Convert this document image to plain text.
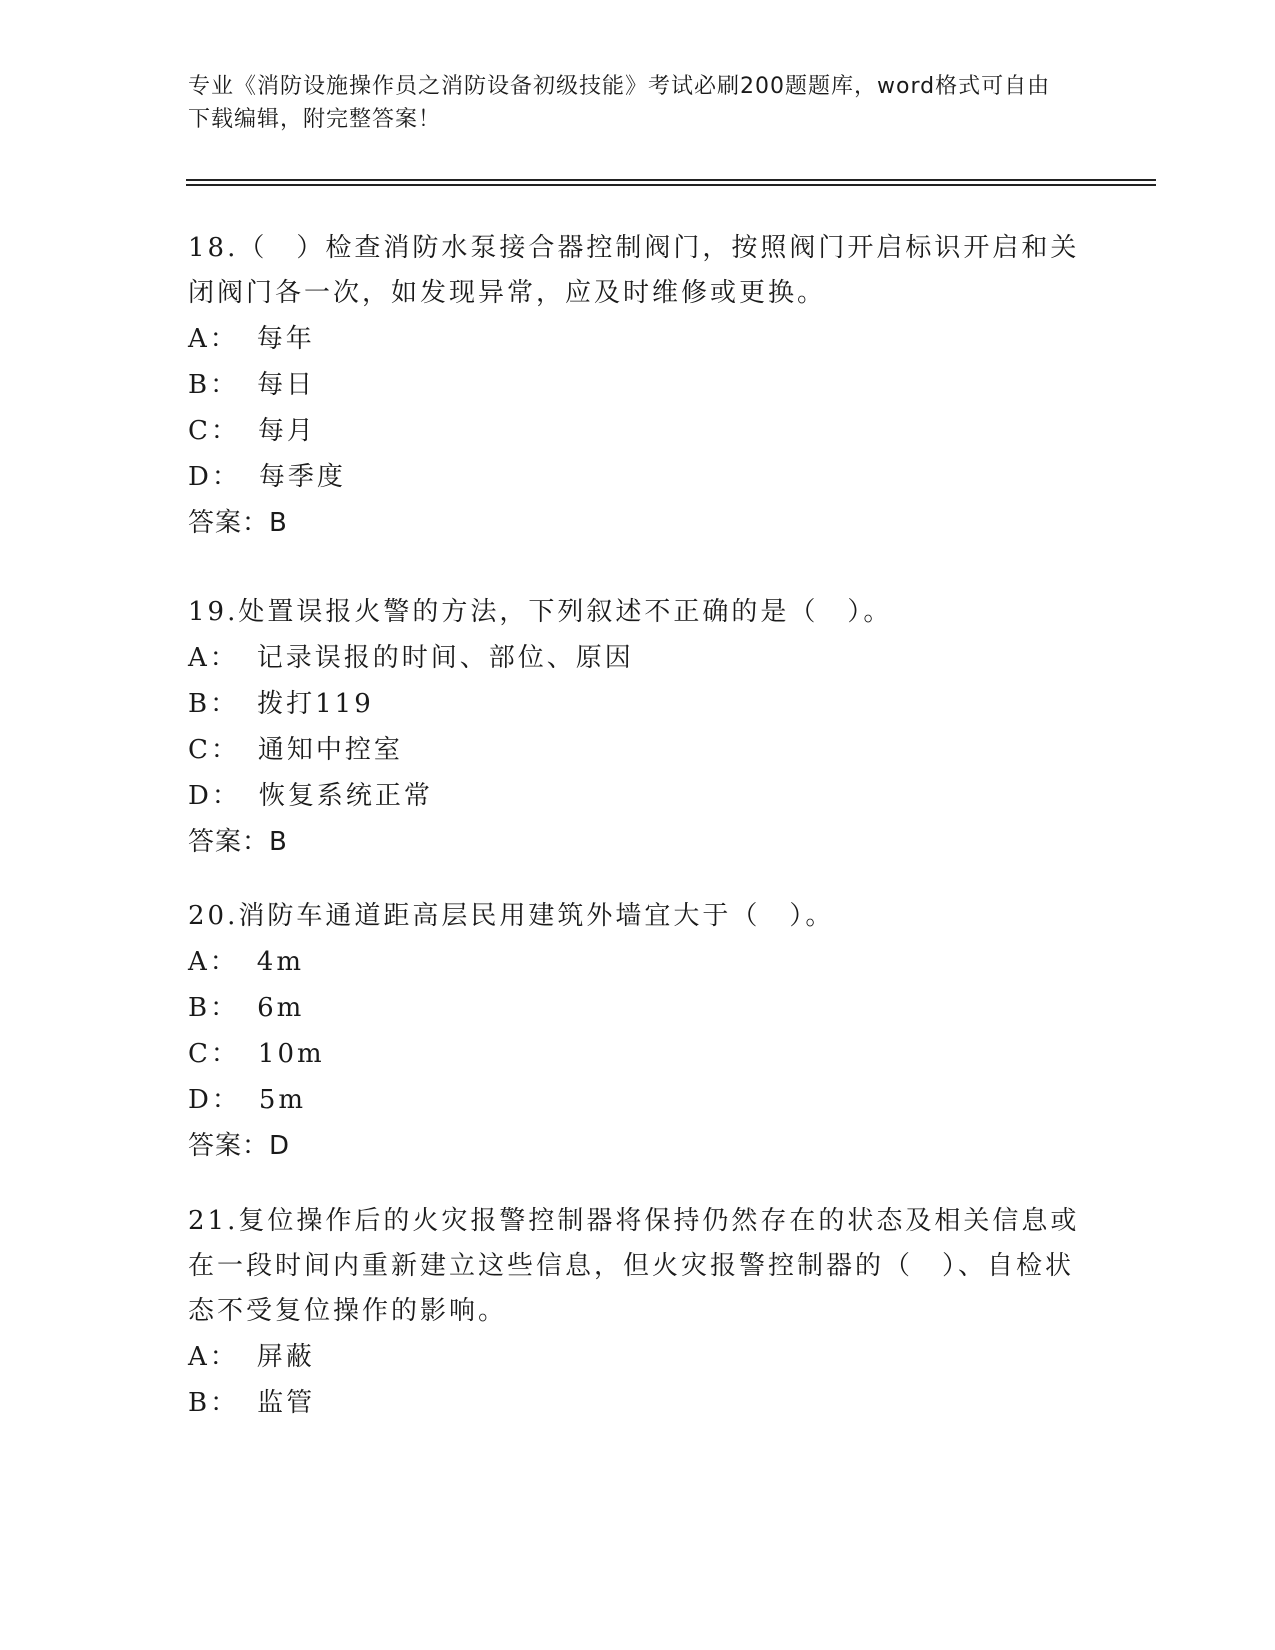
专业《消防设施操作员之消防设备初级技能》考试必刷200题题库，word格式可自由下载编辑，附完整答案！

18.（　）检查消防水泵接合器控制阀门，按照阀门开启标识开启和关闭阀门各一次，如发现异常，应及时维修或更换。

A： 每年

B： 每日

C： 每月

D： 每季度

答案：B

19.处置误报火警的方法，下列叙述不正确的是（　）。

A： 记录误报的时间、部位、原因

B： 拨打119

C： 通知中控室

D： 恢复系统正常

答案：B

20.消防车通道距高层民用建筑外墙宜大于（　）。

A： 4m

B： 6m

C： 10m

D： 5m

答案：D

21.复位操作后的火灾报警控制器将保持仍然存在的状态及相关信息或在一段时间内重新建立这些信息，但火灾报警控制器的（　）、自检状态不受复位操作的影响。

A： 屏蔽

B： 监管
